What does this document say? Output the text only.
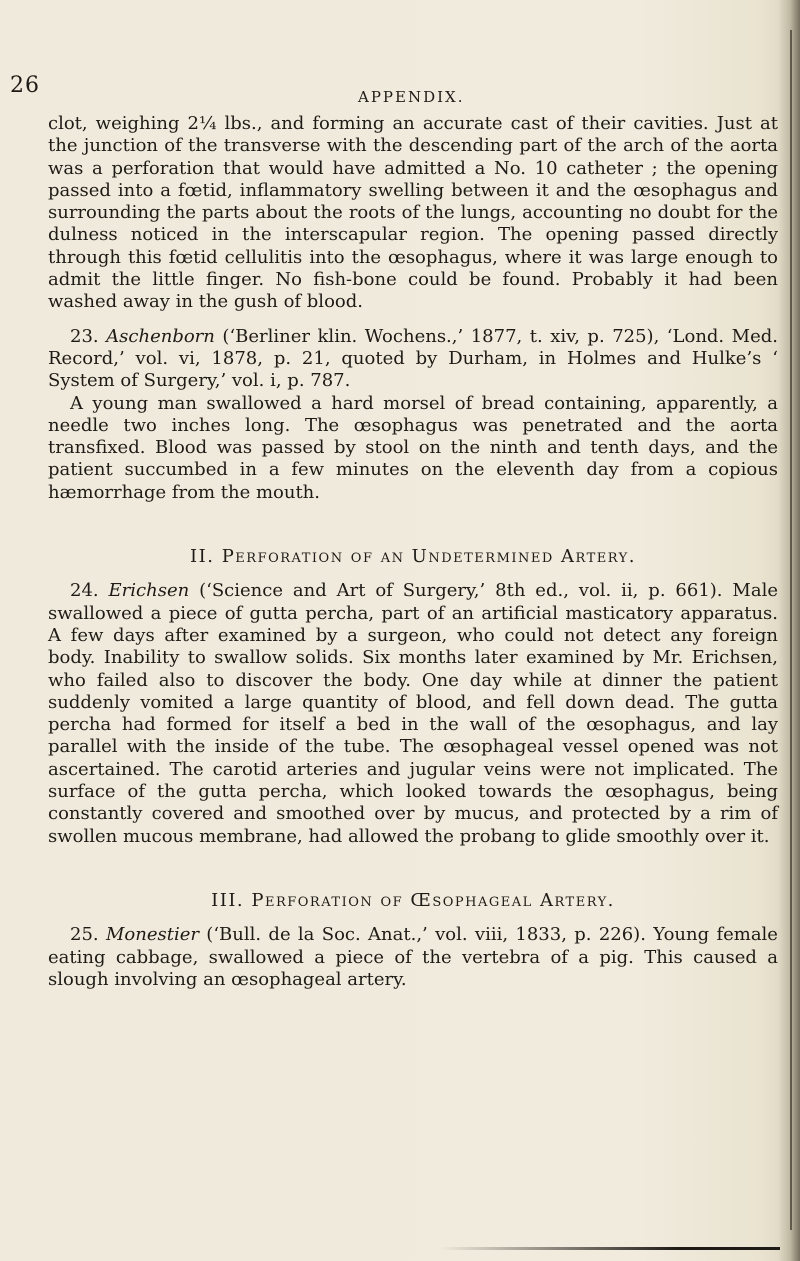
26	APPENDIX.

clot, weighing 2¼ lbs., and forming an accurate cast of their cavities. Just at the junction of the transverse with the descending part of the arch of the aorta was a perforation that would have admitted a No. 10 catheter ; the opening passed into a fœtid, inflammatory swelling between it and the œsophagus and surrounding the parts about the roots of the lungs, accounting no doubt for the dulness noticed in the interscapular region. The opening passed directly through this fœtid cellulitis into the œsophagus, where it was large enough to admit the little finger. No fish-bone could be found. Probably it had been washed away in the gush of blood.

23. Aschenborn (‘Berliner klin. Wochens.,’ 1877, t. xiv, p. 725), ‘Lond. Med. Record,’ vol. vi, 1878, p. 21, quoted by Durham, in Holmes and Hulke’s ‘ System of Surgery,’ vol. i, p. 787.

A young man swallowed a hard morsel of bread containing, apparently, a needle two inches long. The œsophagus was penetrated and the aorta transfixed. Blood was passed by stool on the ninth and tenth days, and the patient succumbed in a few minutes on the eleventh day from a copious hæmorrhage from the mouth.

II. Perforation of an Undetermined Artery.

24. Erichsen (‘Science and Art of Surgery,’ 8th ed., vol. ii, p. 661). Male swallowed a piece of gutta percha, part of an artificial masticatory apparatus. A few days after examined by a surgeon, who could not detect any foreign body. Inability to swallow solids. Six months later examined by Mr. Erichsen, who failed also to discover the body. One day while at dinner the patient suddenly vomited a large quantity of blood, and fell down dead. The gutta percha had formed for itself a bed in the wall of the œsophagus, and lay parallel with the inside of the tube. The œsophageal vessel opened was not ascertained. The carotid arteries and jugular veins were not implicated. The surface of the gutta percha, which looked towards the œsophagus, being constantly covered and smoothed over by mucus, and protected by a rim of swollen mucous membrane, had allowed the probang to glide smoothly over it.

III. Perforation of Œsophageal Artery.

25. Monestier (‘Bull. de la Soc. Anat.,’ vol. viii, 1833, p. 226). Young female eating cabbage, swallowed a piece of the vertebra of a pig. This caused a slough involving an œsophageal artery.
